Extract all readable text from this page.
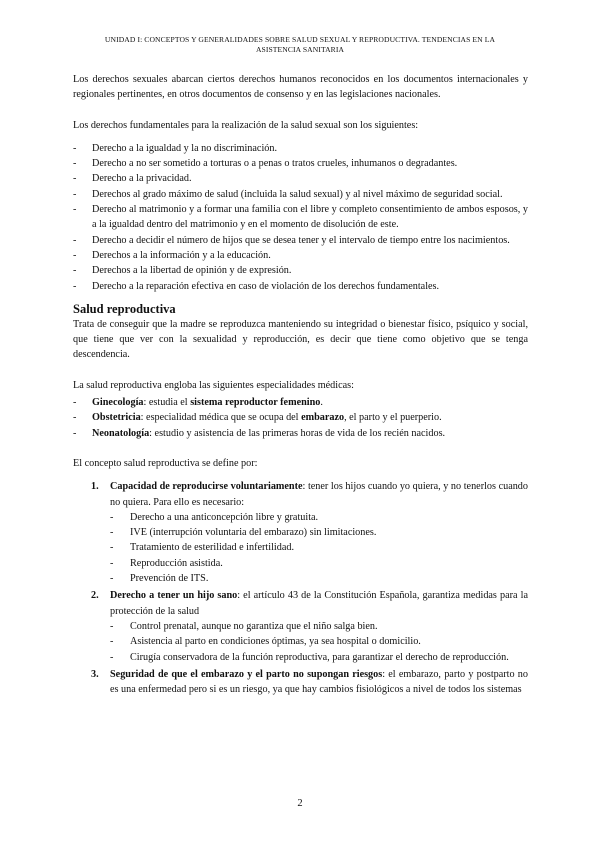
UNIDAD I: CONCEPTOS Y GENERALIDADES SOBRE SALUD SEXUAL Y REPRODUCTIVA. TENDENCIAS EN LA
ASISTENCIA SANITARIA

Los derechos sexuales abarcan ciertos derechos humanos reconocidos en los documentos internacionales y regionales pertinentes, en otros documentos de consenso y en las legislaciones nacionales.

Los derechos fundamentales para la realización de la salud sexual son los siguientes:

- Derecho a la igualdad y la no discriminación.
- Derecho a no ser sometido a torturas o a penas o tratos crueles, inhumanos o degradantes.
- Derecho a la privacidad.
- Derechos al grado máximo de salud (incluida la salud sexual) y al nivel máximo de seguridad social.
- Derecho al matrimonio y a formar una familia con el libre y completo consentimiento de ambos esposos, y a la igualdad dentro del matrimonio y en el momento de disolución de este.
- Derecho a decidir el número de hijos que se desea tener y el intervalo de tiempo entre los nacimientos.
- Derechos a la información y a la educación.
- Derechos a la libertad de opinión y de expresión.
- Derecho a la reparación efectiva en caso de violación de los derechos fundamentales.
Salud reproductiva

Trata de conseguir que la madre se reproduzca manteniendo su integridad o bienestar físico, psíquico y social, que tiene que ver con la sexualidad y reproducción, es decir que tiene como objetivo que se tenga descendencia.

La salud reproductiva engloba las siguientes especialidades médicas:

- Ginecología: estudia el sistema reproductor femenino.
- Obstetricia: especialidad médica que se ocupa del embarazo, el parto y el puerperio.
- Neonatología: estudio y asistencia de las primeras horas de vida de los recién nacidos.

El concepto salud reproductiva se define por:

1. Capacidad de reproducirse voluntariamente: tener los hijos cuando yo quiera, y no tenerlos cuando no quiera. Para ello es necesario:
- Derecho a una anticoncepción libre y gratuita.
- IVE (interrupción voluntaria del embarazo) sin limitaciones.
- Tratamiento de esterilidad e infertilidad.
- Reproducción asistida.
- Prevención de ITS.
2. Derecho a tener un hijo sano: el artículo 43 de la Constitución Española, garantiza medidas para la protección de la salud
- Control prenatal, aunque no garantiza que el niño salga bien.
- Asistencia al parto en condiciones óptimas, ya sea hospital o domicilio.
- Cirugía conservadora de la función reproductiva, para garantizar el derecho de reproducción.
3. Seguridad de que el embarazo y el parto no supongan riesgos: el embarazo, parto y postparto no es una enfermedad pero si es un riesgo, ya que hay cambios fisiológicos a nivel de todos los sistemas
2
